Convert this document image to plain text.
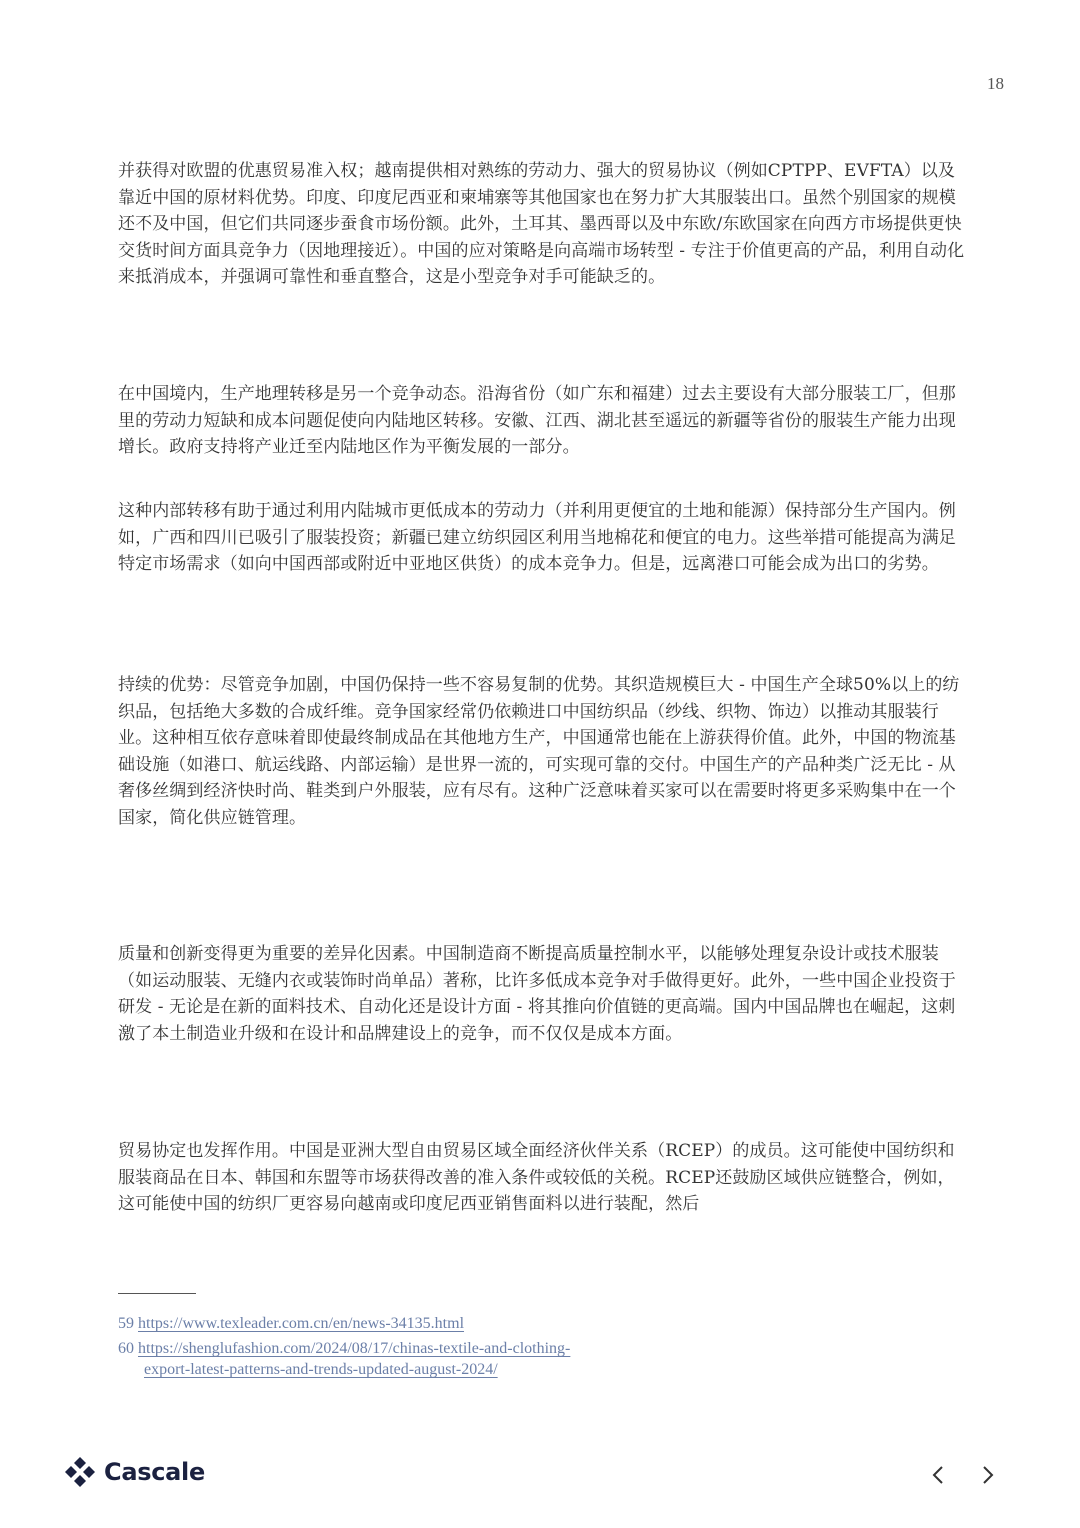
18

并获得对欧盟的优惠贸易准入权；越南提供相对熟练的劳动力、强大的贸易协议（例如CPTPP、EVFTA）以及靠近中国的原材料优势。印度、印度尼西亚和柬埔寨等其他国家也在努力扩大其服装出口。虽然个别国家的规模还不及中国，但它们共同逐步蚕食市场份额。此外，土耳其、墨西哥以及中东欧/东欧国家在向西方市场提供更快交货时间方面具竞争力（因地理接近）。中国的应对策略是向高端市场转型 - 专注于价值更高的产品，利用自动化来抵消成本，并强调可靠性和垂直整合，这是小型竞争对手可能缺乏的。

在中国境内，生产地理转移是另一个竞争动态。沿海省份（如广东和福建）过去主要设有大部分服装工厂，但那里的劳动力短缺和成本问题促使向内陆地区转移。安徽、江西、湖北甚至遥远的新疆等省份的服装生产能力出现增长。政府支持将产业迁至内陆地区作为平衡发展的一部分。

这种内部转移有助于通过利用内陆城市更低成本的劳动力（并利用更便宜的土地和能源）保持部分生产国内。例如，广西和四川已吸引了服装投资；新疆已建立纺织园区利用当地棉花和便宜的电力。这些举措可能提高为满足特定市场需求（如向中国西部或附近中亚地区供货）的成本竞争力。但是，远离港口可能会成为出口的劣势。

持续的优势：尽管竞争加剧，中国仍保持一些不容易复制的优势。其织造规模巨大 - 中国生产全球50%以上的纺织品，包括绝大多数的合成纤维。竞争国家经常仍依赖进口中国纺织品（纱线、织物、饰边）以推动其服装行业。这种相互依存意味着即使最终制成品在其他地方生产，中国通常也能在上游获得价值。此外，中国的物流基础设施（如港口、航运线路、内部运输）是世界一流的，可实现可靠的交付。中国生产的产品种类广泛无比 - 从奢侈丝绸到经济快时尚、鞋类到户外服装，应有尽有。这种广泛意味着买家可以在需要时将更多采购集中在一个国家，简化供应链管理。

质量和创新变得更为重要的差异化因素。中国制造商不断提高质量控制水平，以能够处理复杂设计或技术服装（如运动服装、无缝内衣或装饰时尚单品）著称，比许多低成本竞争对手做得更好。此外，一些中国企业投资于研发 - 无论是在新的面料技术、自动化还是设计方面 - 将其推向价值链的更高端。国内中国品牌也在崛起，这刺激了本土制造业升级和在设计和品牌建设上的竞争，而不仅仅是成本方面。

贸易协定也发挥作用。中国是亚洲大型自由贸易区域全面经济伙伴关系（RCEP）的成员。这可能使中国纺织和服装商品在日本、韩国和东盟等市场获得改善的准入条件或较低的关税。RCEP还鼓励区域供应链整合，例如，这可能使中国的纺织厂更容易向越南或印度尼西亚销售面料以进行装配，然后

59 https://www.texleader.com.cn/en/news-34135.html

60 https://shenglufashion.com/2024/08/17/chinas-textile-and-clothing-
export-latest-patterns-and-trends-updated-august-2024/

Cascale
